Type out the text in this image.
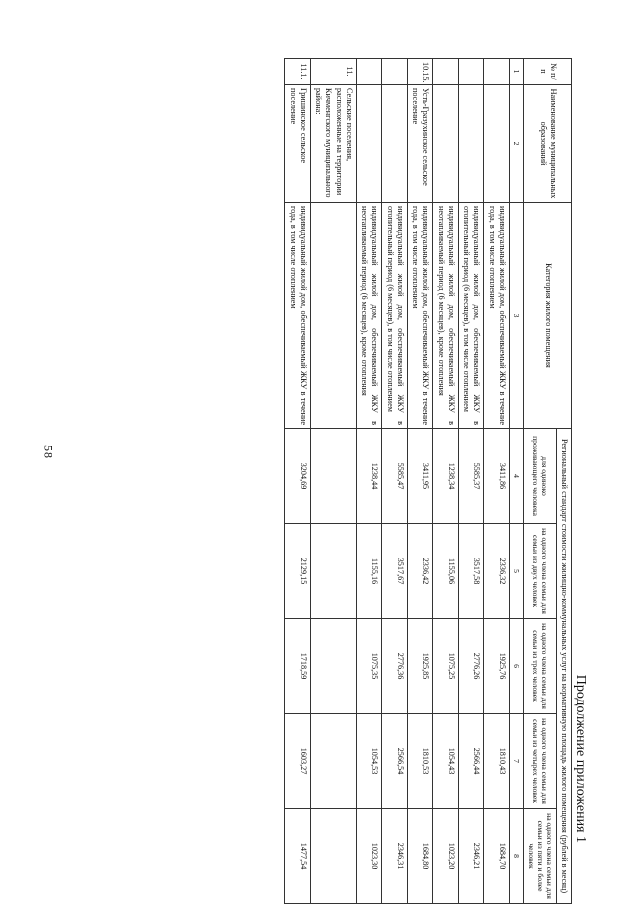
58
Продолжение приложения 1
№ п/п	Наименование муниципальных образований	Категория жилого помещения	Региональный стандарт стоимости жилищно-коммунальных услуг на нормативную площадь жилого помещения (рублей в месяц)				
			для одиноко проживающего человека	на одного члена семьи для семьи из двух человек	на одного члена семьи для семьи из трех человек	на одного члена семьи для семьи из четырех человек	на одного члена семьи для семьи из пяти и более человек
1	2	3	4	5	6	7	8
		индивидуальный жилой дом, обеспечиваемый ЖКУ в течение года, в том числе отоплением	3411,86	2336,32	1925,76	1810,43	1684,70
		индивидуальный жилой дом, обеспечиваемый ЖКУ в отопительный период (6 месяцев), в том числе отоплением	5585,37	3517,58	2776,26	2566,44	2346,21
		индивидуальный жилой дом, обеспечиваемый ЖКУ в неотапливаемый период (6 месяцев), кроме отопления	1238,34	1155,06	1075,25	1054,43	1023,20
10.15.	Усть-Гразухинское сельское поселение	индивидуальный жилой дом, обеспечиваемый ЖКУ в течение года, в том числе отоплением	3411,95	2336,42	1925,85	1810,53	1684,80
		индивидуальный жилой дом, обеспечиваемый ЖКУ в отопительный период (6 месяцев), в том числе отоплением	5585,47	3517,67	2776,36	2566,54	2346,31
		индивидуальный жилой дом, обеспечиваемый ЖКУ в неотапливаемый период (6 месяцев), кроме отопления	1238,44	1155,16	1075,35	1054,53	1023,30
11.	Сельские поселения, расположенные на территории Кичменгского муниципального района:						
11.1.	Гришинское сельское поселение	индивидуальный жилой дом, обеспечиваемый ЖКУ в течение года, в том числе отоплением	3204,69	2129,15	1718,59	1603,27	1477,54
